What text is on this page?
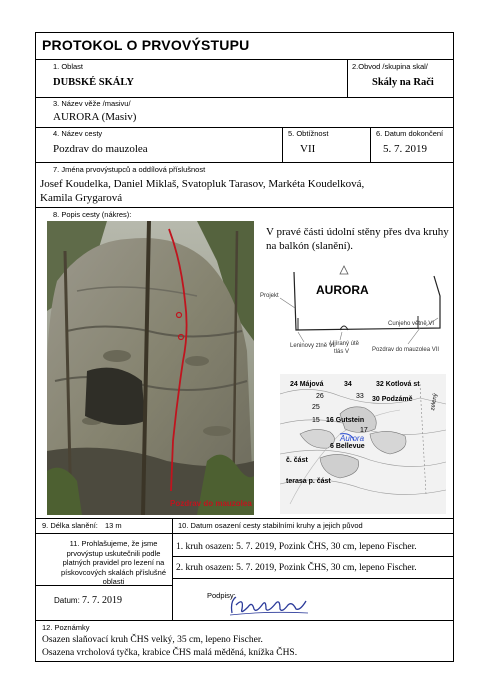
PROTOKOL O PRVOVÝSTUPU
1. Oblast
DUBSKÉ SKÁLY
2.Obvod /skupina skal/
Skály na Rači
3. Název věže /masivu/
AURORA (Masiv)
4. Název cesty
Pozdrav do mauzolea
5. Obtížnost
VII
6. Datum dokončení
5. 7. 2019
7. Jména prvovýstupců a oddílová příslušnost
Josef Koudelka, Daniel Miklaš, Svatopluk Tarasov, Markéta Koudelková,
Kamila Grygarová
8. Popis cesty (nákres):
Pozdrav do mauzolea
V pravé části údolní stěny přes dva kruhy na balkón (slanění).
AURORA
Projekt
Leninovy ztně VI
Ujíraný útě
tlás V
Cunjeho větně VI
Pozdrav do mauzolea VII
24 Májová	34	32 Kotlová st
26
25
33 30 Podzámě
16 Gutstein
15
17
Aurora
6 Bellevue
č. část
terasa p. část
zelený
9. Délka slanění: 13 m	10. Datum osazení cesty stabilními kruhy a jejich původ
1. kruh osazen: 5. 7. 2019, Pozink ČHS, 30 cm, lepeno Fischer.
2. kruh osazen: 5. 7. 2019, Pozink ČHS, 30 cm, lepeno Fischer.
11. Prohlašujeme, že jsme prvovýstup uskutečnili podle platných pravidel pro lezení na pískovcových skalách příslušné oblasti
Datum: 7. 7. 2019	Podpisy:
12. Poznámky
Osazen slaňovací kruh ČHS velký, 35 cm, lepeno Fischer.
Osazena vrcholová tyčka, krabice ČHS malá měděná, knížka ČHS.
